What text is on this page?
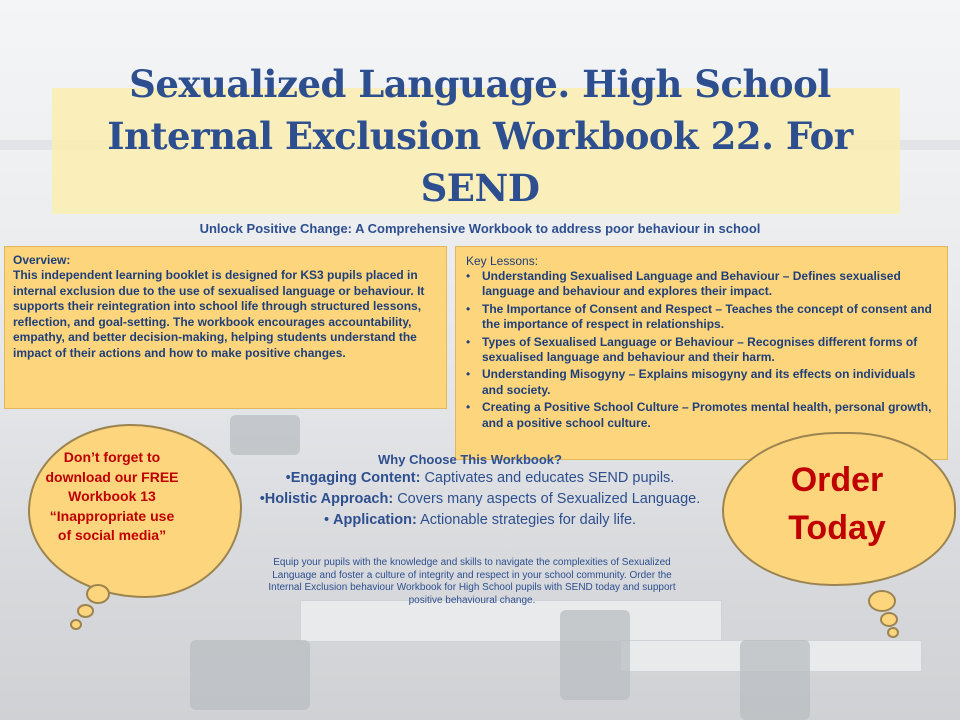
Sexualized Language. High School Internal Exclusion Workbook 22. For SEND
Unlock Positive Change: A Comprehensive Workbook to address poor behaviour in school
Overview:
This independent learning booklet is designed for KS3 pupils placed in internal exclusion due to the use of sexualised language or behaviour. It supports their reintegration into school life through structured lessons, reflection, and goal-setting. The workbook encourages accountability, empathy, and better decision-making, helping students understand the impact of their actions and how to make positive changes.
Key Lessons:
• Understanding Sexualised Language and Behaviour – Defines sexualised language and behaviour and explores their impact.
• The Importance of Consent and Respect – Teaches the concept of consent and the importance of respect in relationships.
• Types of Sexualised Language or Behaviour – Recognises different forms of sexualised language and behaviour and their harm.
• Understanding Misogyny – Explains misogyny and its effects on individuals and society.
• Creating a Positive School Culture – Promotes mental health, personal growth, and a positive school culture.
Why Choose This Workbook?
•Engaging Content: Captivates and educates SEND pupils.
•Holistic Approach: Covers many aspects of Sexualized Language.
• Application: Actionable strategies for daily life.
Equip your pupils with the knowledge and skills to navigate the complexities of Sexualized Language and foster a culture of integrity and respect in your school community. Order the Internal Exclusion behaviour Workbook for High School pupils with SEND today and support positive behavioural change.
Don’t forget to download our FREE Workbook 13 “Inappropriate use of social media”
Order Today
